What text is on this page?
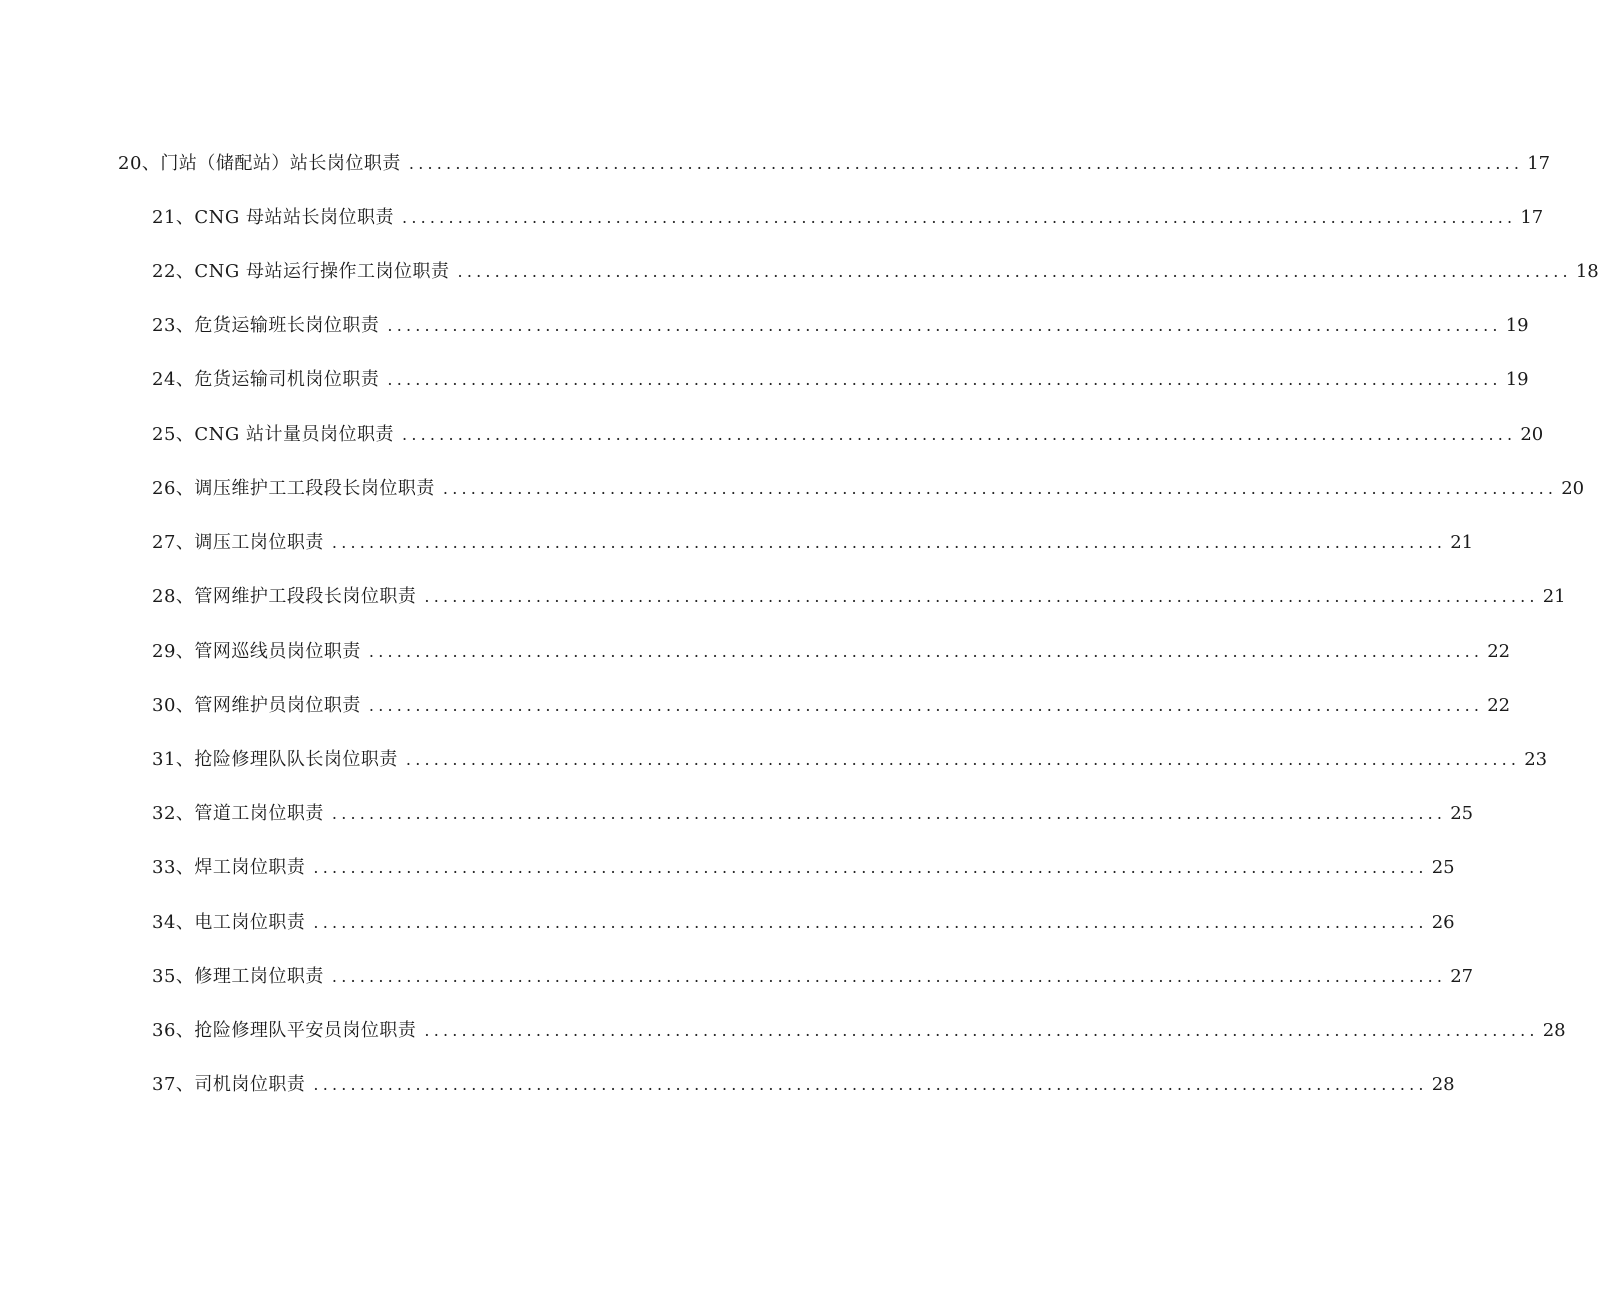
20、门站（储配站）站长岗位职责 ........................................................................................................................ 17
21、CNG 母站站长岗位职责 ........................................................................................................................ 17
22、CNG 母站运行操作工岗位职责 ........................................................................................................................ 18
23、危货运输班长岗位职责 ........................................................................................................................ 19
24、危货运输司机岗位职责 ........................................................................................................................ 19
25、CNG 站计量员岗位职责 ........................................................................................................................ 20
26、调压维护工工段段长岗位职责 ........................................................................................................................ 20
27、调压工岗位职责 ........................................................................................................................ 21
28、管网维护工段段长岗位职责 ........................................................................................................................ 21
29、管网巡线员岗位职责 ........................................................................................................................ 22
30、管网维护员岗位职责 ........................................................................................................................ 22
31、抢险修理队队长岗位职责 ........................................................................................................................ 23
32、管道工岗位职责 ........................................................................................................................ 25
33、焊工岗位职责 ........................................................................................................................ 25
34、电工岗位职责 ........................................................................................................................ 26
35、修理工岗位职责 ........................................................................................................................ 27
36、抢险修理队平安员岗位职责 ........................................................................................................................ 28
37、司机岗位职责 ........................................................................................................................ 28
